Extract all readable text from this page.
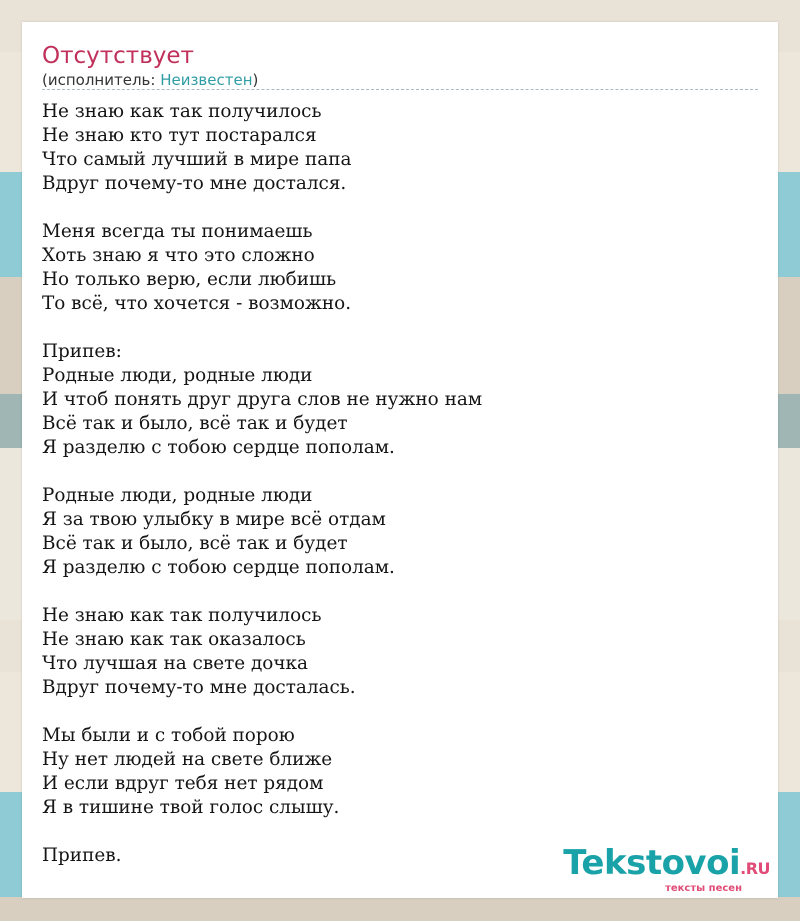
Отсутствует
(исполнитель: Неизвестен)
Не знаю как так получилось
Не знаю кто тут постарался
Что самый лучший в мире папа
Вдруг почему-то мне достался.
Меня всегда ты понимаешь
Хоть знаю я что это сложно
Но только верю, если любишь
То всё, что хочется - возможно.
Припев:
Родные люди, родные люди
И чтоб понять друг друга слов не нужно нам
Всё так и было, всё так и будет
Я разделю с тобою сердце пополам.
Родные люди, родные люди
Я за твою улыбку в мире всё отдам
Всё так и было, всё так и будет
Я разделю с тобою сердце пополам.
Не знаю как так получилось
Не знаю как так оказалось
Что лучшая на свете дочка
Вдруг почему-то мне досталась.
Мы были и с тобой порою
Ну нет людей на свете ближе
И если вдруг тебя нет рядом
Я в тишине твой голос слышу.
Припев.	Tekstovoi.RU
тексты песен
